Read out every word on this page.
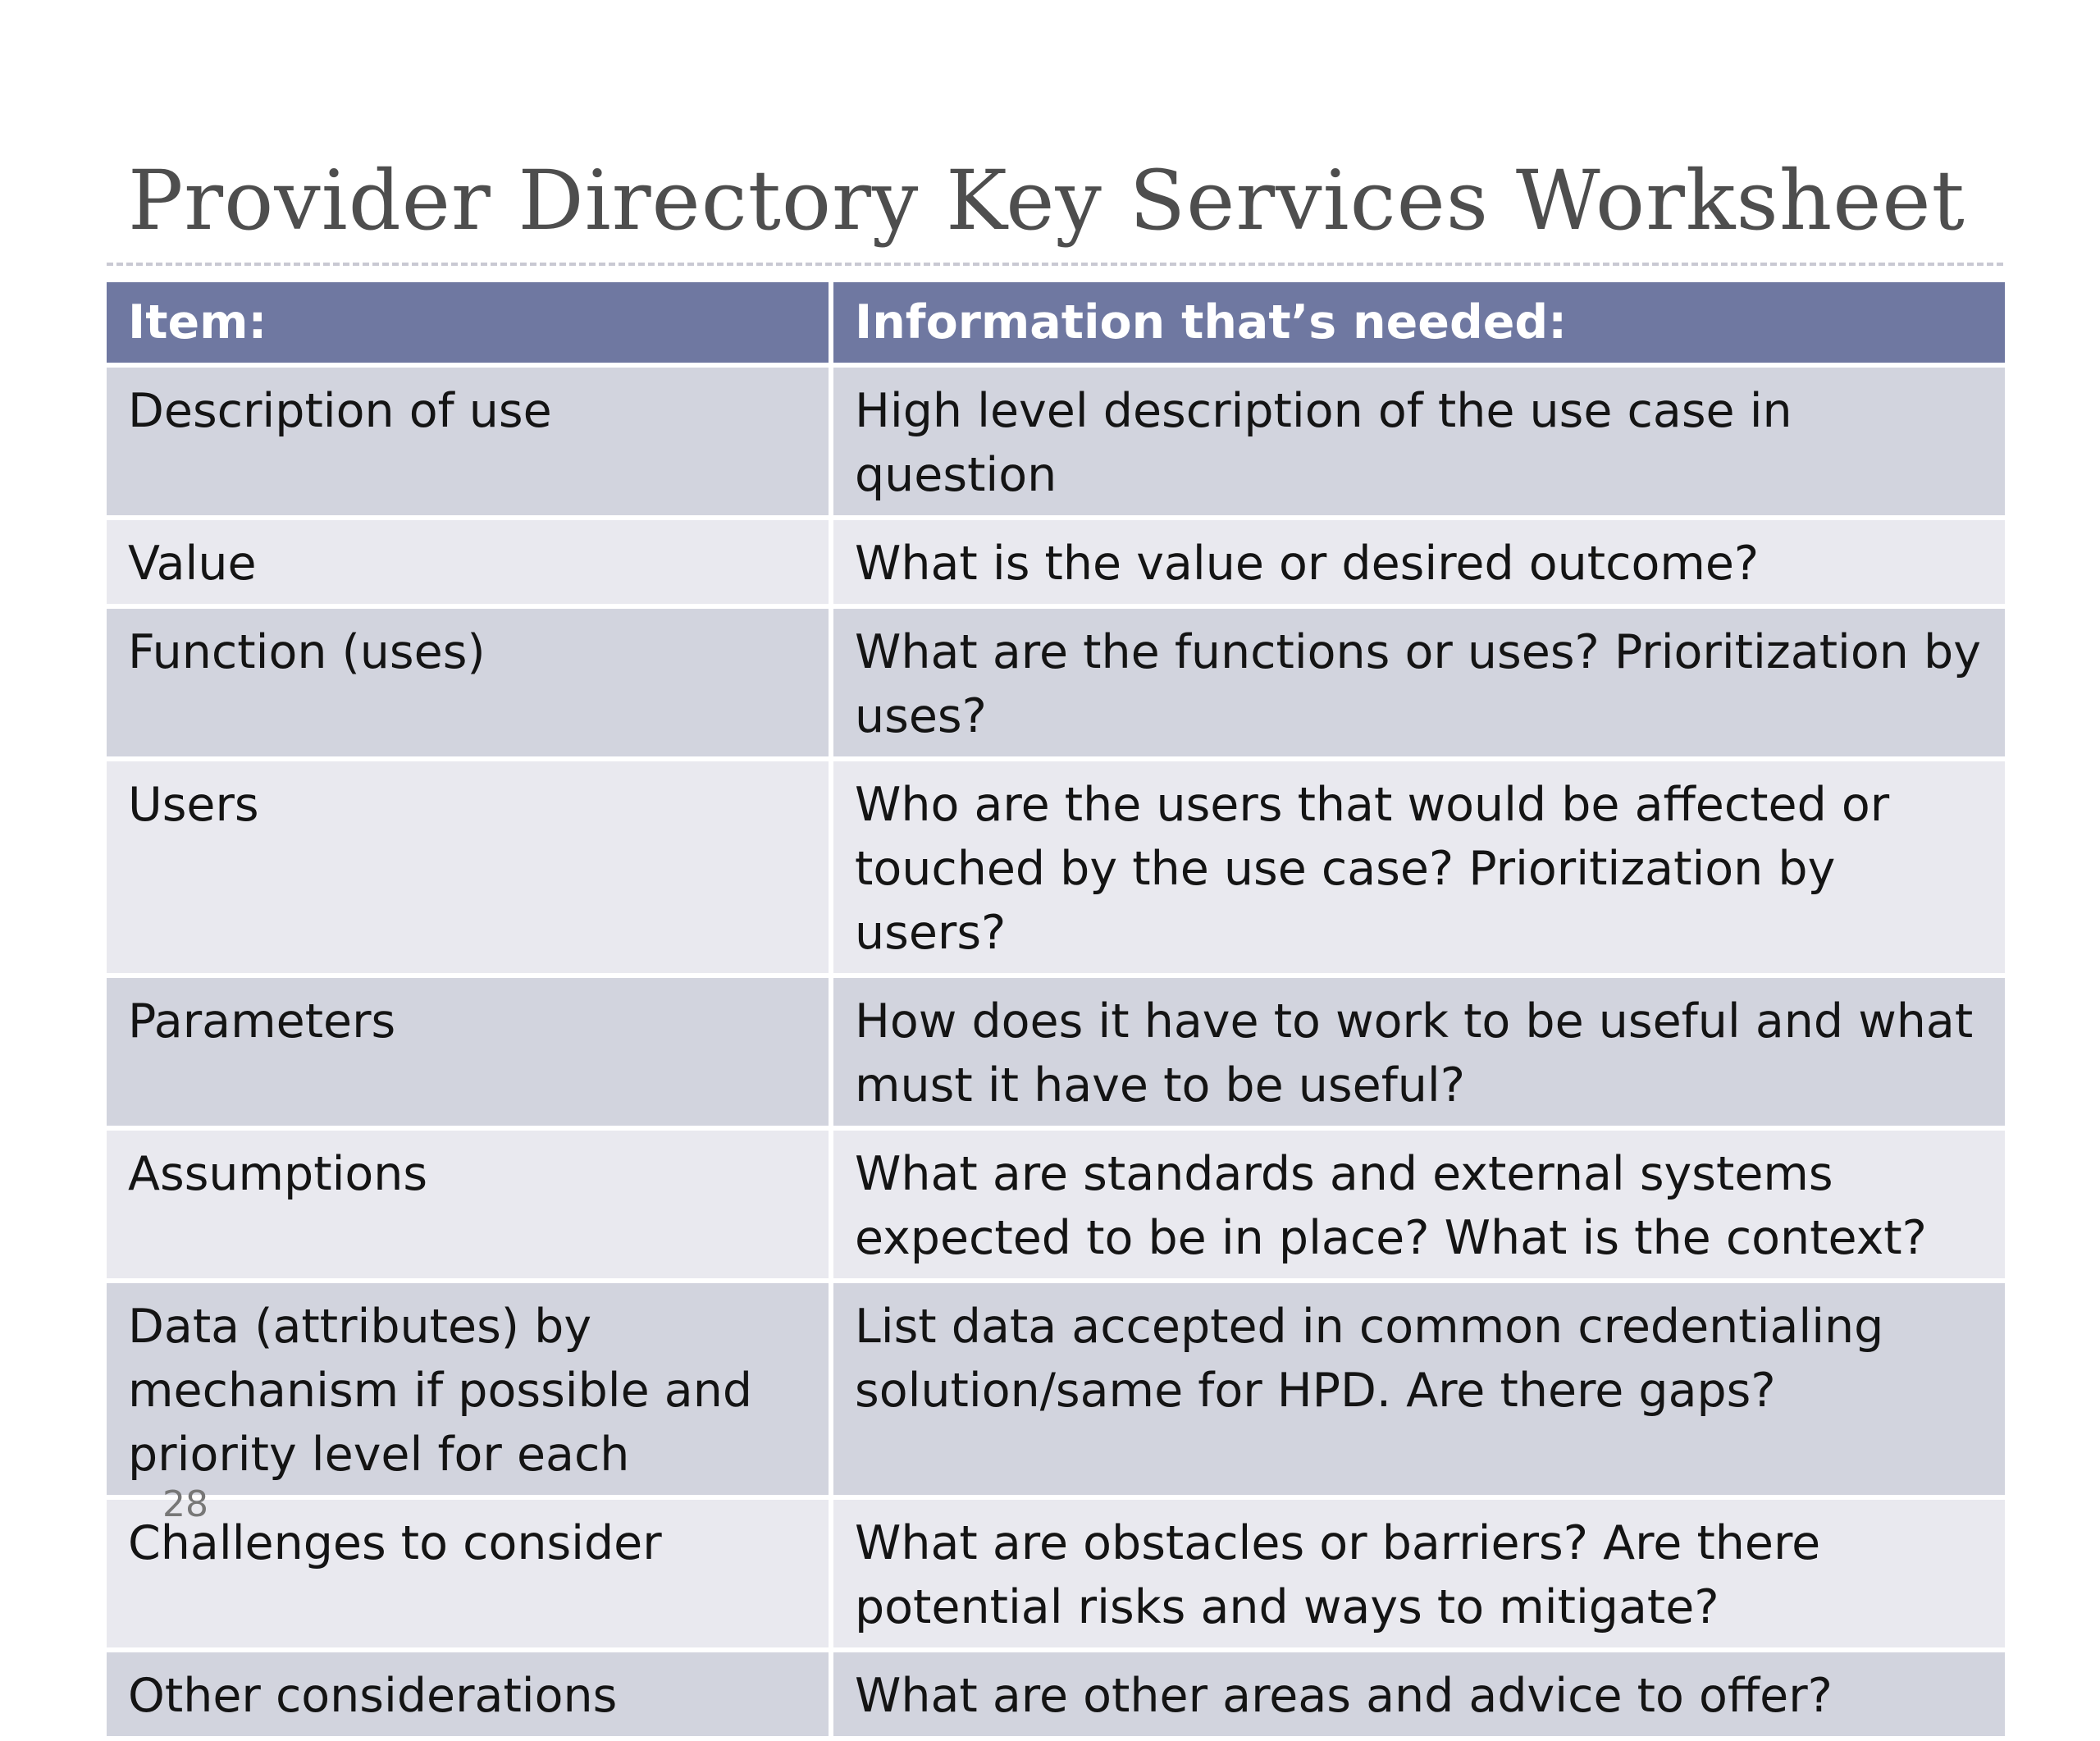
Provider Directory Key Services Worksheet
Item:	Information that’s needed:
Description of use	High level description of the use case in question
Value	What is the value or desired outcome?
Function (uses)	What are the functions or uses? Prioritization by uses?
Users	Who are the users that would be affected or touched by the use case? Prioritization by users?
Parameters	How does it have to work to be useful and what must it have to be useful?
Assumptions	What are standards and external systems expected to be in place? What is the context?
Data (attributes) by mechanism if possible and priority level for each	List data accepted in common credentialing solution/same for HPD. Are there gaps?
Challenges to consider	What are obstacles or barriers? Are there potential risks and ways to mitigate?
Other considerations	What are other areas and advice to offer?
28
